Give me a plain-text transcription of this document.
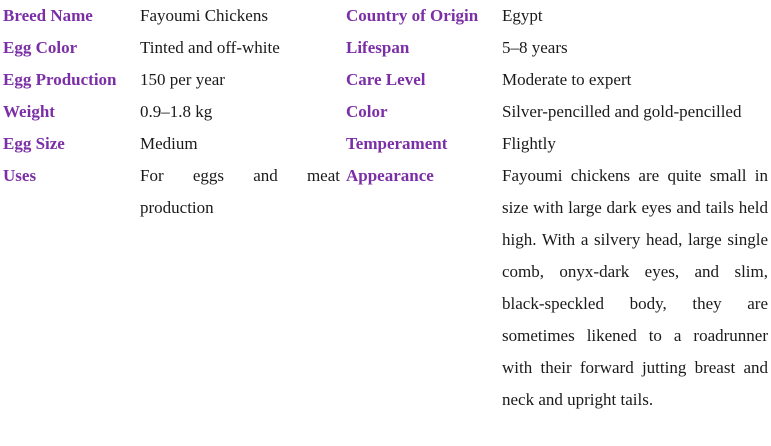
Breed Name	Fayoumi Chickens	Country of Origin	Egypt
Egg Color	Tinted and off-white	Lifespan	5–8 years
Egg Production	150 per year	Care Level	Moderate to expert
Weight	0.9–1.8 kg	Color	Silver-pencilled and gold-pencilled
Egg Size	Medium	Temperament	Flightly
Uses	For eggs and meat production	Appearance	Fayoumi chickens are quite small in size with large dark eyes and tails held high. With a silvery head, large single comb, onyx-dark eyes, and slim, black-speckled body, they are sometimes likened to a roadrunner with their forward jutting breast and neck and upright tails.
